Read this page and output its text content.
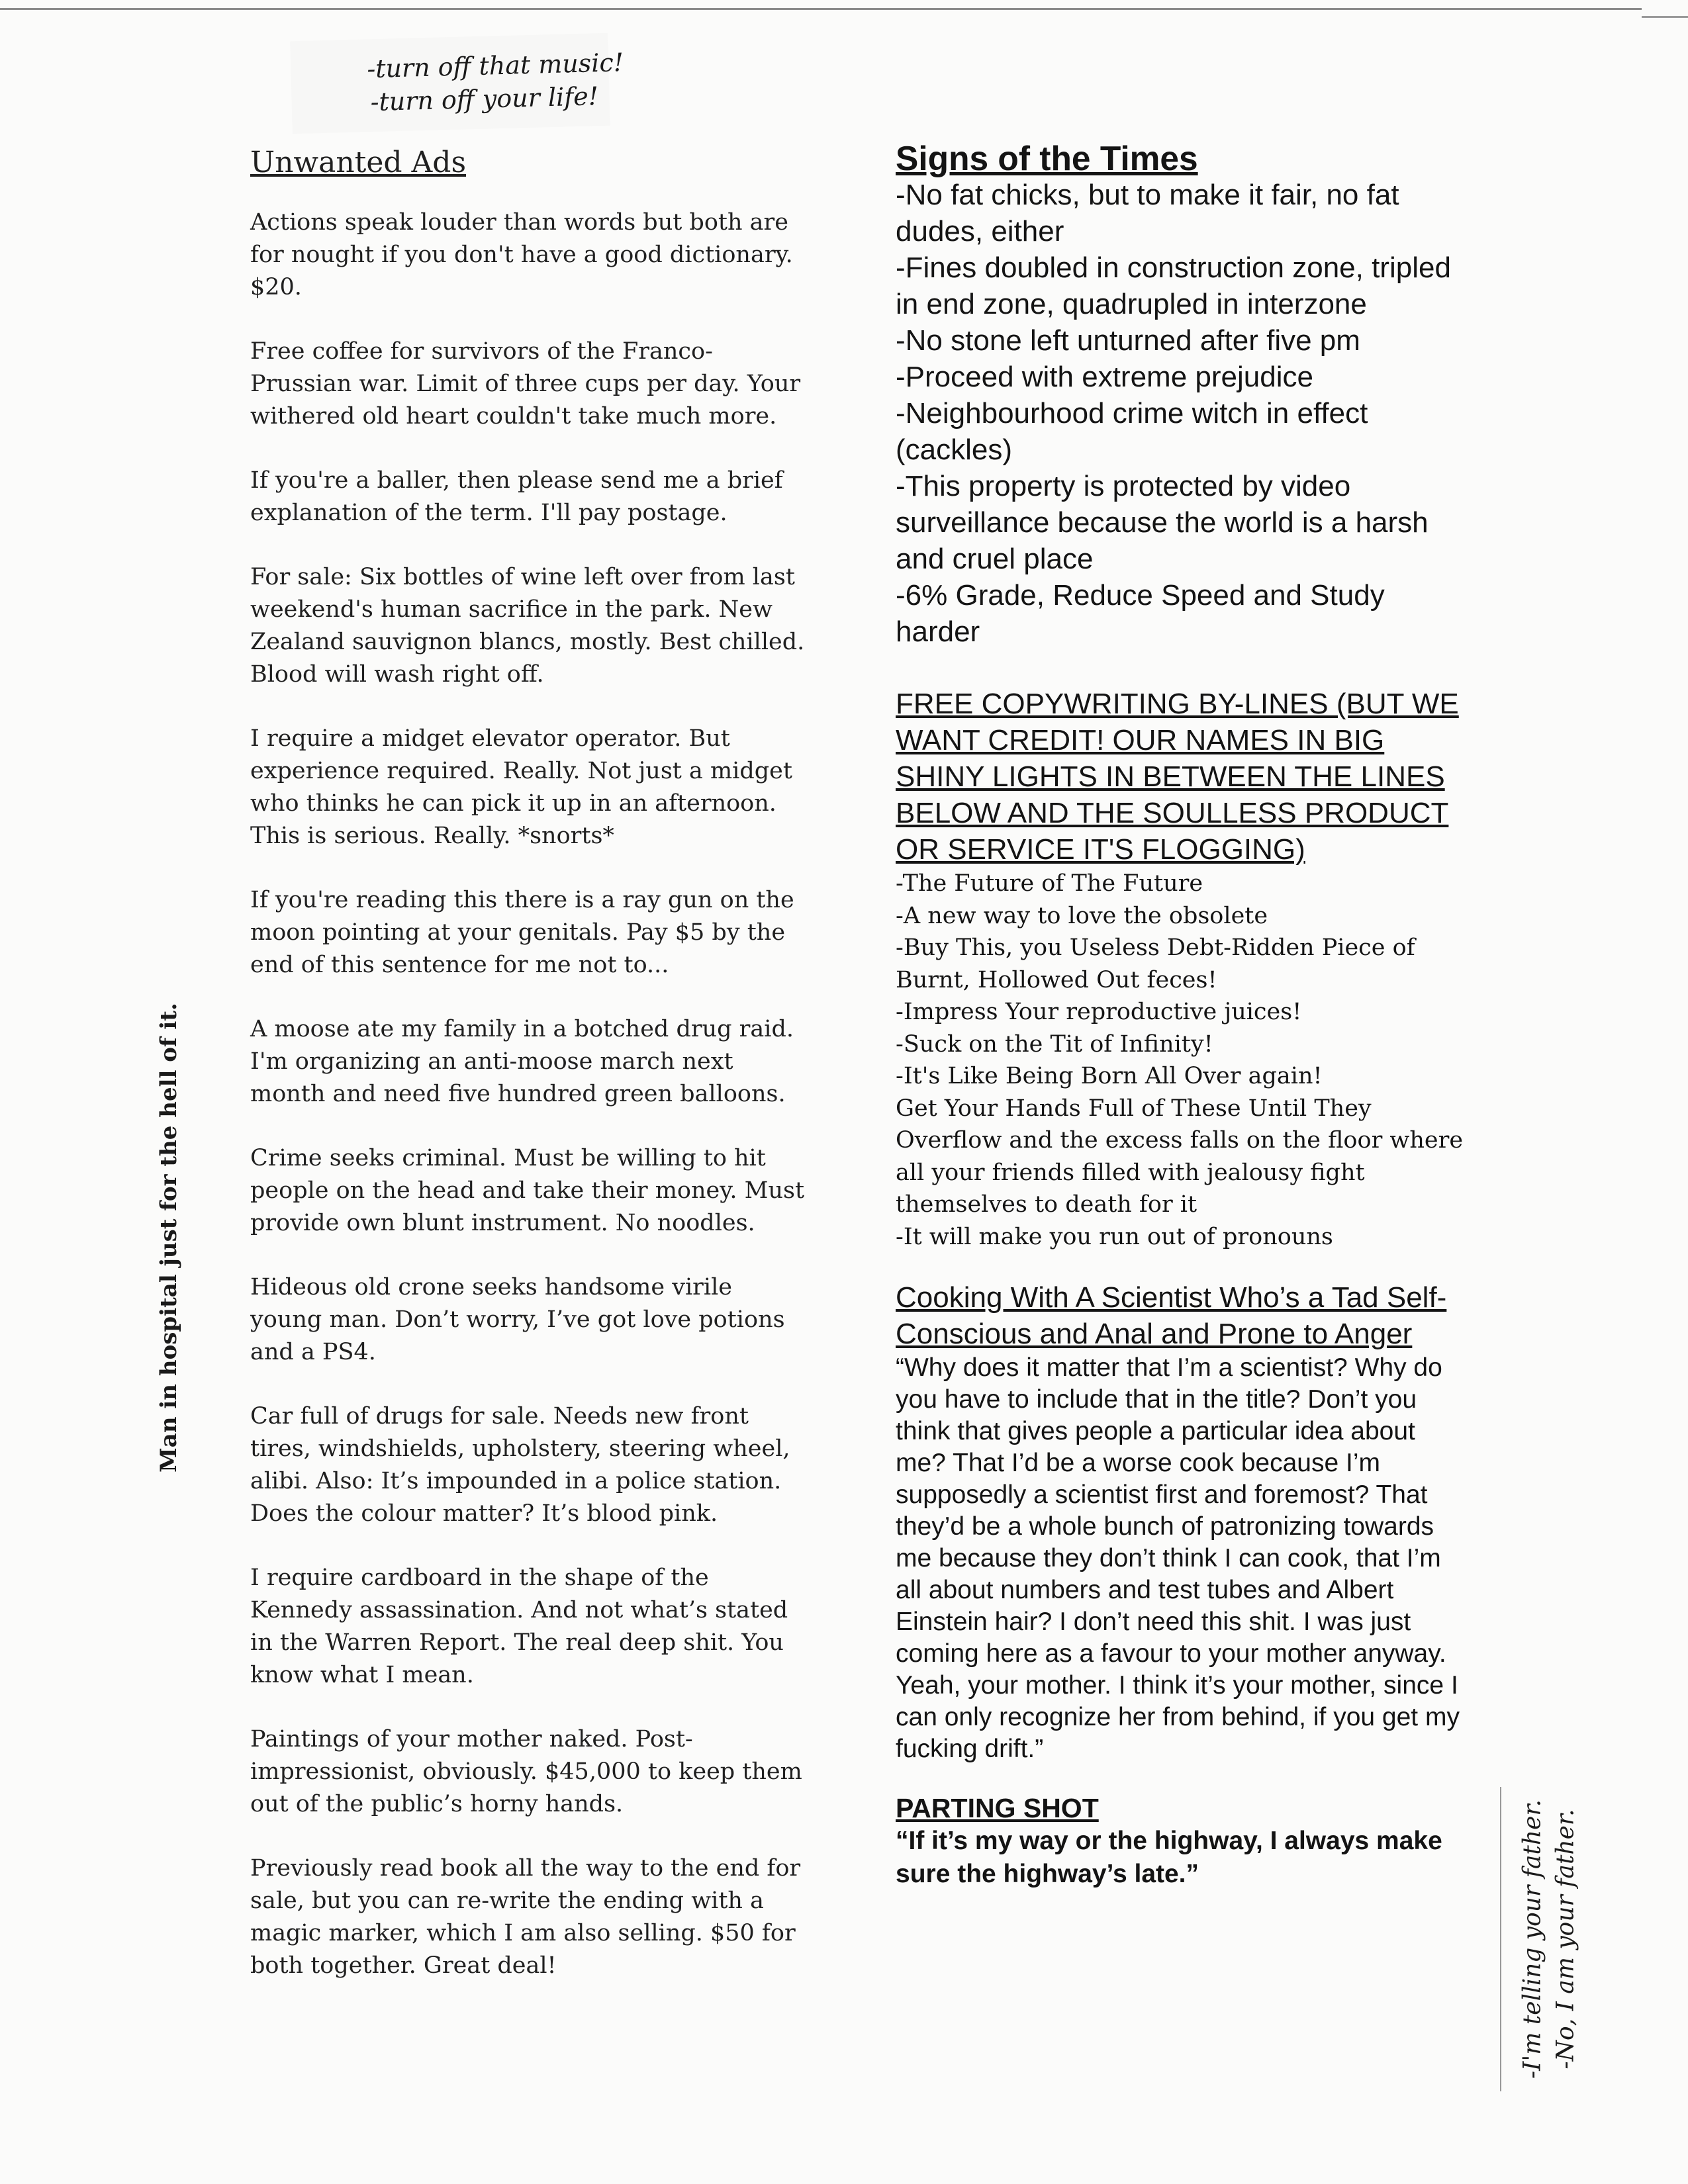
-turn off that music!
-turn off your life!
Unwanted Ads

Actions speak louder than words but both are for nought if you don't have a good dictionary. $20.

Free coffee for survivors of the Franco-Prussian war. Limit of three cups per day. Your withered old heart couldn't take much more.

If you're a baller, then please send me a brief explanation of the term. I'll pay postage.

For sale: Six bottles of wine left over from last weekend's human sacrifice in the park. New Zealand sauvignon blancs, mostly. Best chilled. Blood will wash right off.

I require a midget elevator operator. But experience required. Really. Not just a midget who thinks he can pick it up in an afternoon. This is serious. Really. *snorts*

If you're reading this there is a ray gun on the moon pointing at your genitals. Pay $5 by the end of this sentence for me not to...

A moose ate my family in a botched drug raid. I'm organizing an anti-moose march next month and need five hundred green balloons.

Crime seeks criminal. Must be willing to hit people on the head and take their money. Must provide own blunt instrument. No noodles.

Hideous old crone seeks handsome virile young man. Don’t worry, I’ve got love potions and a PS4.

Car full of drugs for sale. Needs new front tires, windshields, upholstery, steering wheel, alibi. Also: It’s impounded in a police station. Does the colour matter? It’s blood pink.

I require cardboard in the shape of the Kennedy assassination. And not what’s stated in the Warren Report. The real deep shit. You know what I mean.

Paintings of your mother naked. Post-impressionist, obviously. $45,000 to keep them out of the public’s horny hands.

Previously read book all the way to the end for sale, but you can re-write the ending with a magic marker, which I am also selling. $50 for both together. Great deal!

Signs of the Times
-No fat chicks, but to make it fair, no fat dudes, either
-Fines doubled in construction zone, tripled in end zone, quadrupled in interzone
-No stone left unturned after five pm
-Proceed with extreme prejudice
-Neighbourhood crime witch in effect (cackles)
-This property is protected by video surveillance because the world is a harsh and cruel place
-6% Grade, Reduce Speed and Study harder
FREE COPYWRITING BY-LINES (BUT WE WANT CREDIT! OUR NAMES IN BIG SHINY LIGHTS IN BETWEEN THE LINES BELOW AND THE SOULLESS PRODUCT OR SERVICE IT'S FLOGGING)
-The Future of The Future
-A new way to love the obsolete
-Buy This, you Useless Debt-Ridden Piece of Burnt, Hollowed Out feces!
-Impress Your reproductive juices!
-Suck on the Tit of Infinity!
-It's Like Being Born All Over again!
Get Your Hands Full of These Until They Overflow and the excess falls on the floor where all your friends filled with jealousy fight themselves to death for it
-It will make you run out of pronouns
Cooking With A Scientist Who’s a Tad Self-Conscious and Anal and Prone to Anger
“Why does it matter that I’m a scientist? Why do you have to include that in the title? Don’t you think that gives people a particular idea about me? That I’d be a worse cook because I’m supposedly a scientist first and foremost? That they’d be a whole bunch of patronizing towards me because they don’t think I can cook, that I’m all about numbers and test tubes and Albert Einstein hair? I don’t need this shit. I was just coming here as a favour to your mother anyway. Yeah, your mother. I think it’s your mother, since I can only recognize her from behind, if you get my fucking drift.”
PARTING SHOT
“If it’s my way or the highway, I always make sure the highway’s late.”
Man in hospital just for the hell of it.
-I'm telling your father. -No, I am your father.
